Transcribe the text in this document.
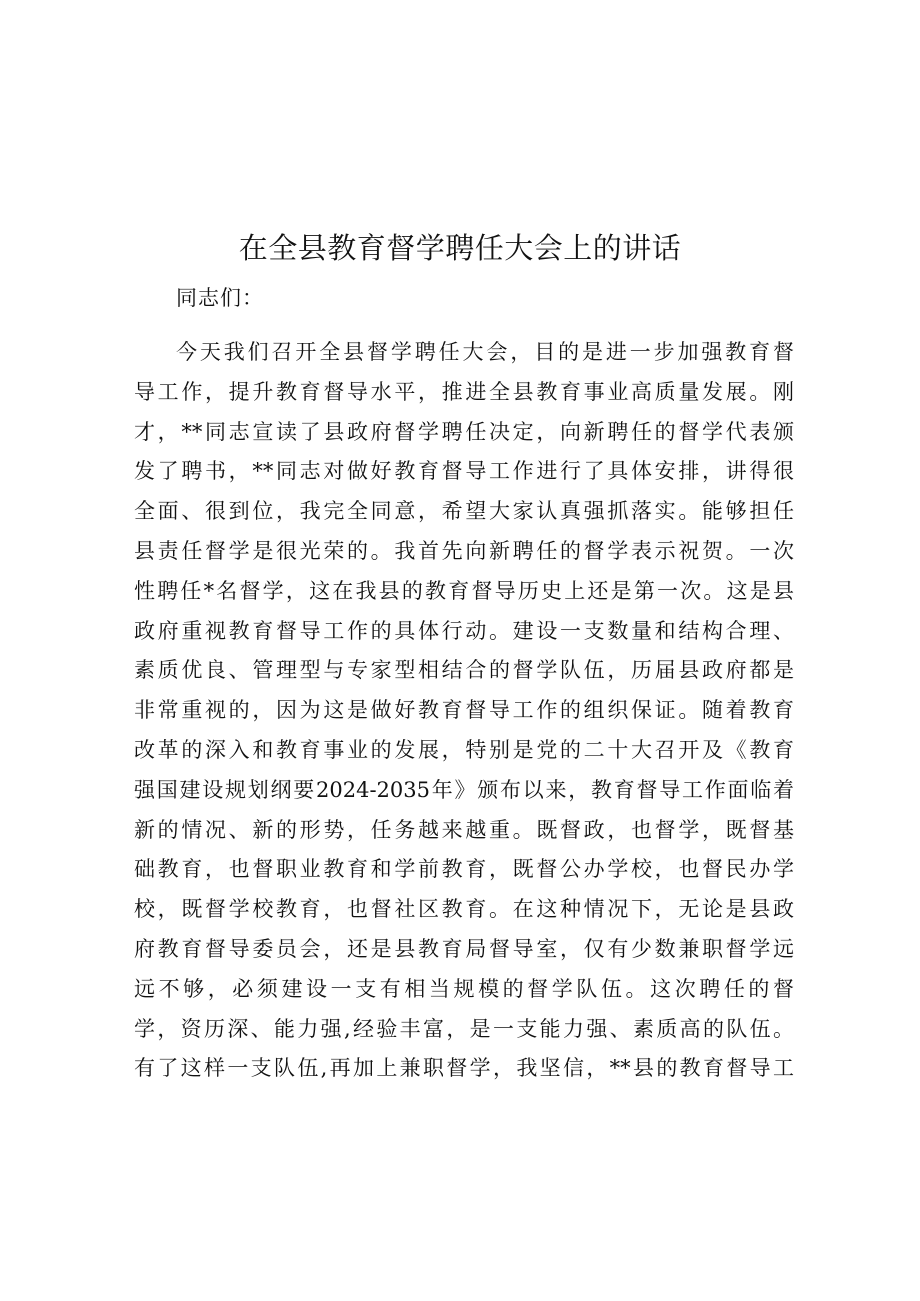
在全县教育督学聘任大会上的讲话
同志们：
今天我们召开全县督学聘任大会，目的是进一步加强教育督
导工作，提升教育督导水平，推进全县教育事业高质量发展。刚
才，**同志宣读了县政府督学聘任决定，向新聘任的督学代表颁
发了聘书，**同志对做好教育督导工作进行了具体安排，讲得很
全面、很到位，我完全同意，希望大家认真强抓落实。能够担任
县责任督学是很光荣的。我首先向新聘任的督学表示祝贺。一次
性聘任*名督学，这在我县的教育督导历史上还是第一次。这是县
政府重视教育督导工作的具体行动。建设一支数量和结构合理、
素质优良、管理型与专家型相结合的督学队伍，历届县政府都是
非常重视的，因为这是做好教育督导工作的组织保证。随着教育
改革的深入和教育事业的发展，特别是党的二十大召开及《教育
强国建设规划纲要2024-2035年》颁布以来，教育督导工作面临着
新的情况、新的形势，任务越来越重。既督政，也督学，既督基
础教育，也督职业教育和学前教育，既督公办学校，也督民办学
校，既督学校教育，也督社区教育。在这种情况下，无论是县政
府教育督导委员会，还是县教育局督导室，仅有少数兼职督学远
远不够，必须建设一支有相当规模的督学队伍。这次聘任的督
学，资历深、能力强,经验丰富，是一支能力强、素质高的队伍。
有了这样一支队伍,再加上兼职督学，我坚信，**县的教育督导工
